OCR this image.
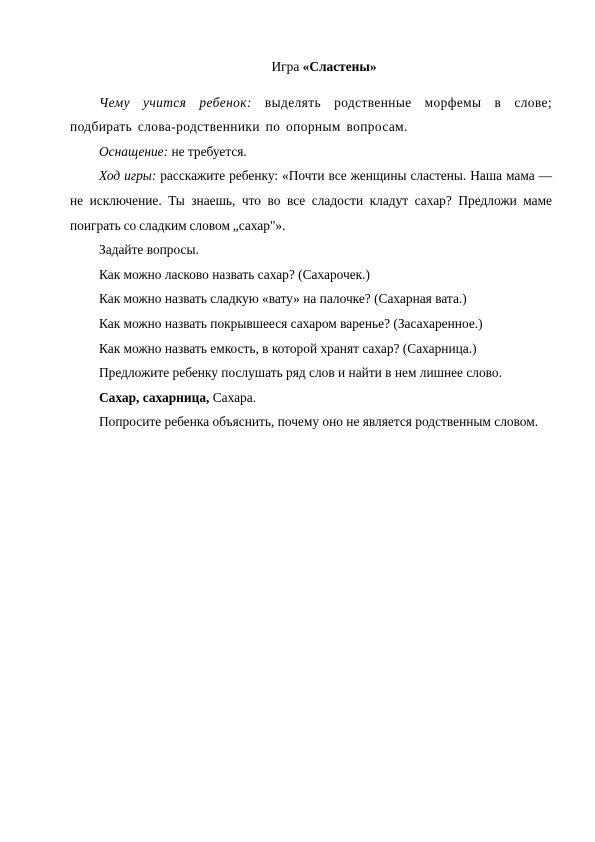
Игра «Сластены»

Чему учится ребенок: выделять родственные морфемы в слове; подбирать слова-родственники по опорным вопросам.

Оснащение: не требуется.

Ход игры: расскажите ребенку: «Почти все женщины сластены. Наша мама — не исключение. Ты знаешь, что во все сладости кладут сахар? Предложи маме поиграть со сладким словом „сахар"».

Задайте вопросы.

Как можно ласково назвать сахар? (Сахарочек.)

Как можно назвать сладкую «вату» на палочке? (Сахарная вата.)

Как можно назвать покрывшееся сахаром варенье? (Засахаренное.)

Как можно назвать емкость, в которой хранят сахар? (Сахарница.)

Предложите ребенку послушать ряд слов и найти в нем лишнее слово.

Сахар, сахарница, Сахара.

Попросите ребенка объяснить, почему оно не является родственным словом.
